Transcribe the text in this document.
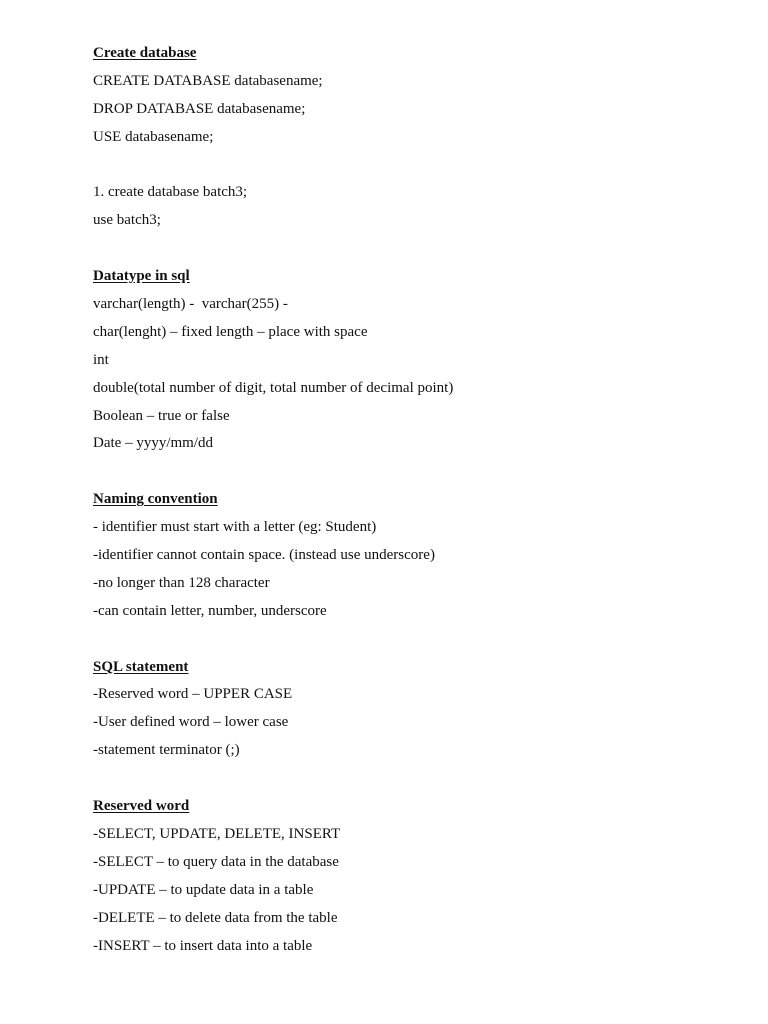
Create database

CREATE DATABASE databasename;

DROP DATABASE databasename;

USE databasename;

1. create database batch3;

use batch3;

Datatype in sql

varchar(length) -  varchar(255) -

char(lenght) – fixed length – place with space

int

double(total number of digit, total number of decimal point)

Boolean – true or false

Date – yyyy/mm/dd

Naming convention

- identifier must start with a letter (eg: Student)

-identifier cannot contain space. (instead use underscore)

-no longer than 128 character

-can contain letter, number, underscore

SQL statement

-Reserved word – UPPER CASE

-User defined word – lower case

-statement terminator (;)

Reserved word

-SELECT, UPDATE, DELETE, INSERT

-SELECT – to query data in the database

-UPDATE – to update data in a table

-DELETE – to delete data from the table

-INSERT – to insert data into a table
